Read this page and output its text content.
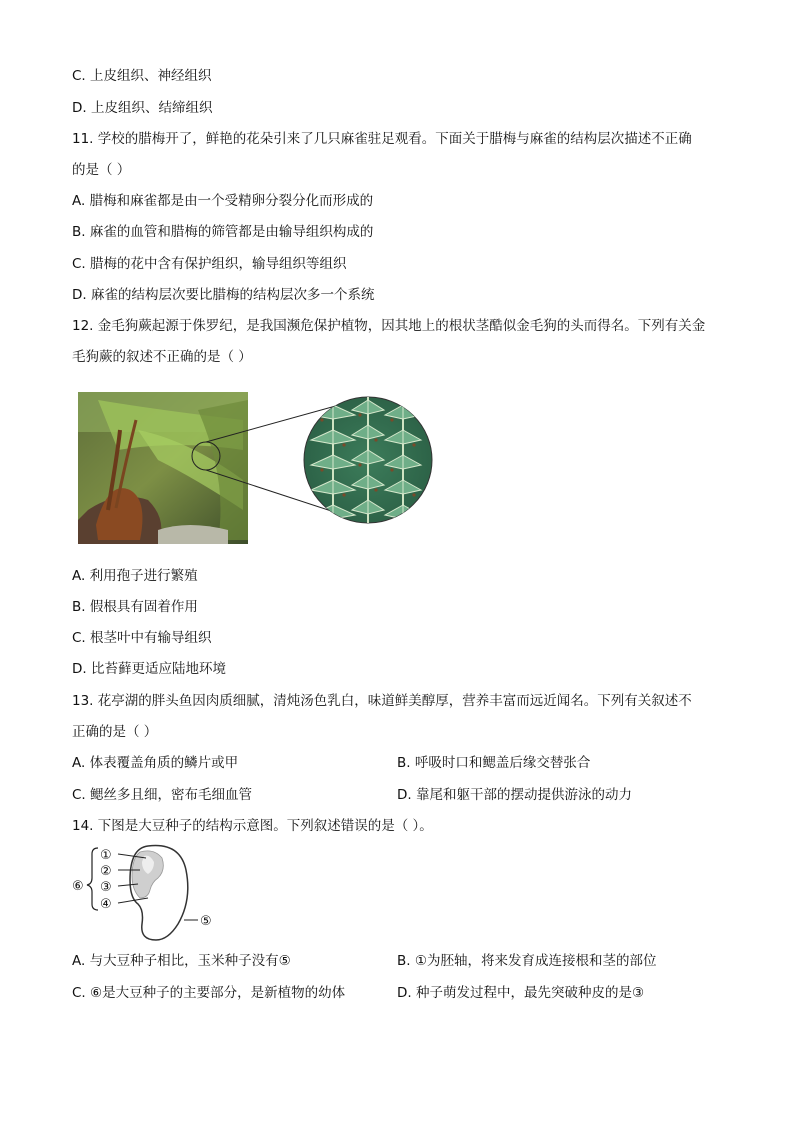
C. 上皮组织、神经组织
D. 上皮组织、结缔组织
11. 学校的腊梅开了，鲜艳的花朵引来了几只麻雀驻足观看。下面关于腊梅与麻雀的结构层次描述不正确
的是（ ）
A. 腊梅和麻雀都是由一个受精卵分裂分化而形成的
B. 麻雀的血管和腊梅的筛管都是由输导组织构成的
C. 腊梅的花中含有保护组织，输导组织等组织
D. 麻雀的结构层次要比腊梅的结构层次多一个系统
12. 金毛狗蕨起源于侏罗纪，是我国濒危保护植物，因其地上的根状茎酷似金毛狗的头而得名。下列有关金
毛狗蕨的叙述不正确的是（ ）
A. 利用孢子进行繁殖
B. 假根具有固着作用
C. 根茎叶中有输导组织
D. 比苔藓更适应陆地环境
13. 花亭湖的胖头鱼因肉质细腻，清炖汤色乳白，味道鲜美醇厚，营养丰富而远近闻名。下列有关叙述不
正确的是（ ）
A. 体表覆盖角质的鳞片或甲	B. 呼吸时口和鳃盖后缘交替张合
C. 鳃丝多且细，密布毛细血管	D. 靠尾和躯干部的摆动提供游泳的动力
14. 下图是大豆种子的结构示意图。下列叙述错误的是（ ）。
①
②
③
④
⑤
⑥
A. 与大豆种子相比，玉米种子没有⑤	B. ①为胚轴，将来发育成连接根和茎的部位
C. ⑥是大豆种子的主要部分，是新植物的幼体	D. 种子萌发过程中，最先突破种皮的是③
